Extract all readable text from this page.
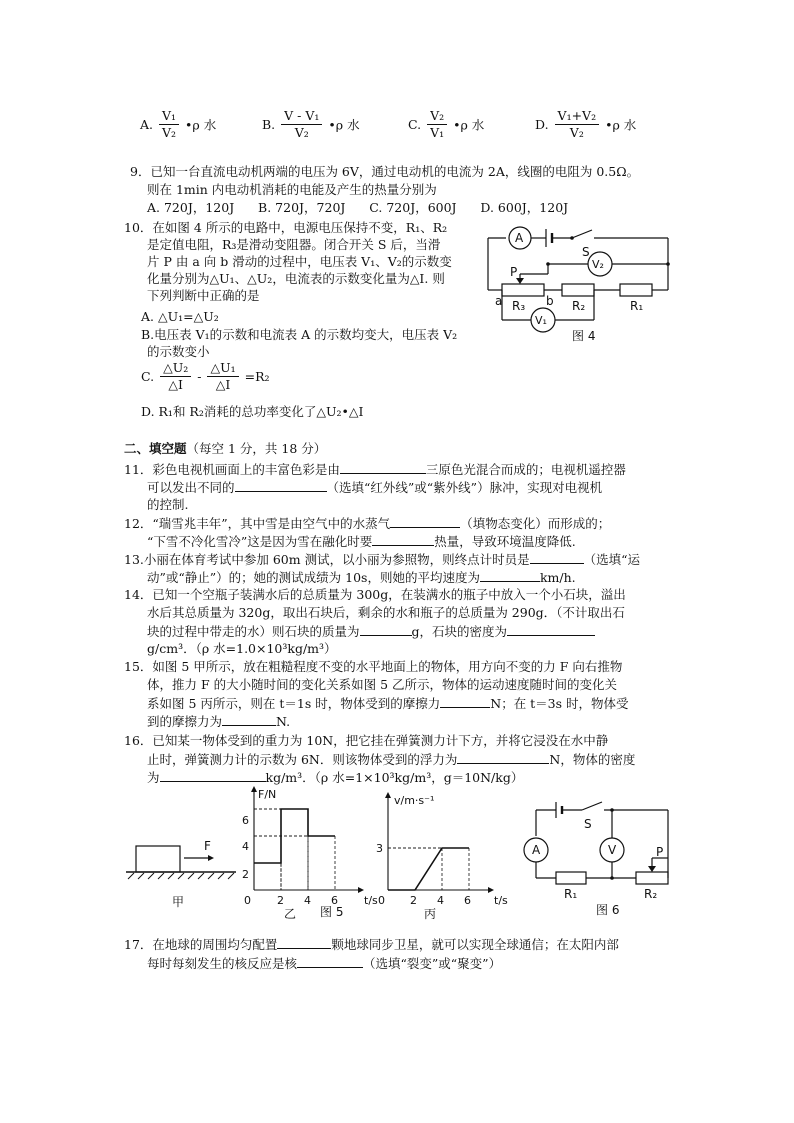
A. $\frac{\text{V₁}}{\text{V₂}}$ •ρ 水	B. $\frac{\text{V - V₁}}{\text{V₂}}$ •ρ 水	C. $\frac{\text{V₂}}{\text{V₁}}$ •ρ 水	D. $\frac{\text{V₁+V₂}}{\text{V₂}}$ •ρ 水
9．已知一台直流电动机两端的电压为 6V，通过电动机的电流为 2A，线圈的电阻为 0.5Ω。
则在 1min 内电动机消耗的电能及产生的热量分别为
A. 720J，120J      B. 720J，720J      C. 720J，600J      D. 600J，120J
10．在如图 4 所示的电路中，电源电压保持不变，R₁、R₂
是定值电阻，R₃是滑动变阻器。闭合开关 S 后，当滑
片 P 由 a 向 b 滑动的过程中，电压表 V₁、V₂的示数变
化量分别为△U₁、△U₂，电流表的示数变化量为△I. 则
下列判断中正确的是
A. △U₁=△U₂
B.电压表 V₁的示数和电流表 A 的示数均变大，电压表 V₂
的示数变小
C. $\frac{\text{△U₂}}{\triangle I} - \frac{\text{△U₁}}{\triangle I} =R_2$
D. R₁和 R₂消耗的总功率变化了△U₂•△I
A
S
V₂
P
a	b
R₃	R₂	R₁
V₁
图 4
二、填空题（每空 1 分，共 18 分）
11．彩色电视机画面上的丰富色彩是由	三原色光混合而成的；电视机遥控器
可以发出不同的	（选填“红外线”或“紫外线”）脉冲，实现对电视机
的控制.
12．“瑞雪兆丰年”，其中雪是由空气中的水蒸气	（填物态变化）而形成的；
“下雪不冷化雪冷”这是因为雪在融化时要	热量，导致环境温度降低.
13.小丽在体育考试中参加 60m 测试，以小丽为参照物，则终点计时员是	（选填“运
动”或“静止”）的；她的测试成绩为 10s，则她的平均速度为	km/h.
14．已知一个空瓶子装满水后的总质量为 300g，在装满水的瓶子中放入一个小石块，溢出
水后其总质量为 320g，取出石块后，剩余的水和瓶子的总质量为 290g．（不计取出石
块的过程中带走的水）则石块的质量为	g，石块的密度为
g/cm³．（ρ 水=1.0×10³kg/m³）
15．如图 5 甲所示，放在粗糙程度不变的水平地面上的物体，用方向不变的力 F 向右推物
体，推力 F 的大小随时间的变化关系如图 5 乙所示，物体的运动速度随时间的变化关
系如图 5 丙所示，则在 t＝1s 时，物体受到的摩擦力	N；在 t＝3s 时，物体受
到的摩擦力为	N.
16．已知某一物体受到的重力为 10N，把它挂在弹簧测力计下方，并将它浸没在水中静
止时，弹簧测力计的示数为 6N．则该物体受到的浮力为	N，物体的密度
为	kg/m³．（ρ 水=1×10³kg/m³，g＝10N/kg）
F
甲
F/N
t/s
2
4
6
0 2 4 6
乙 图 5
v/m·s⁻¹
t/s
3
0 2 4 6
丙
S
A	V	P
R₁	R₂
图 6
17．在地球的周围均匀配置	颗地球同步卫星，就可以实现全球通信；在太阳内部
每时每刻发生的核反应是核	（选填“裂变”或“聚变”）
